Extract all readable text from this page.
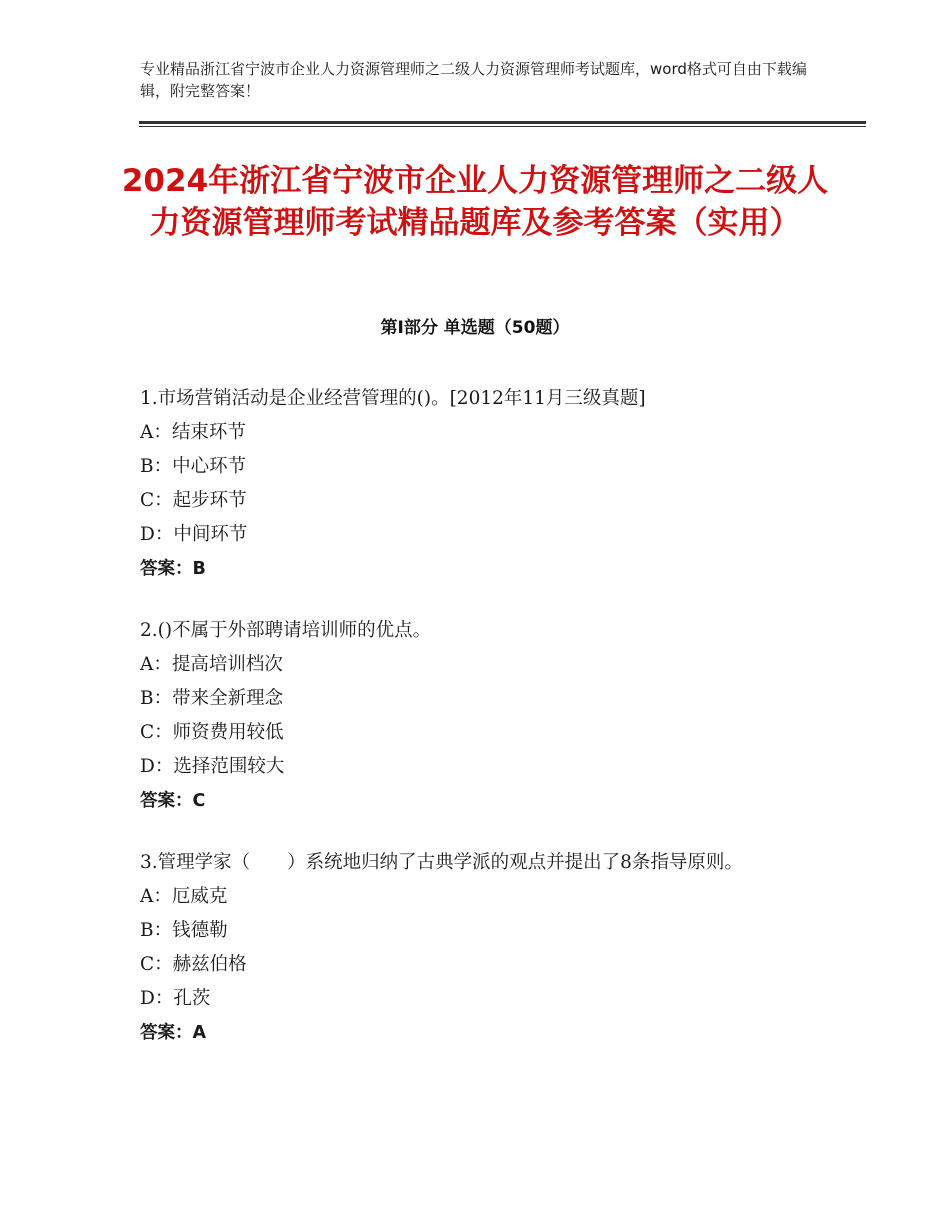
专业精品浙江省宁波市企业人力资源管理师之二级人力资源管理师考试题库，word格式可自由下载编辑，附完整答案！
2024年浙江省宁波市企业人力资源管理师之二级人力资源管理师考试精品题库及参考答案（实用）
第Ⅰ部分 单选题（50题）

1.市场营销活动是企业经营管理的()。[2012年11月三级真题]

A：结束环节

B：中心环节

C：起步环节

D：中间环节

答案：B

2.()不属于外部聘请培训师的优点。

A：提高培训档次

B：带来全新理念

C：师资费用较低

D：选择范围较大

答案：C

3.管理学家（　　）系统地归纳了古典学派的观点并提出了8条指导原则。

A：厄威克

B：钱德勒

C：赫兹伯格

D：孔茨

答案：A
